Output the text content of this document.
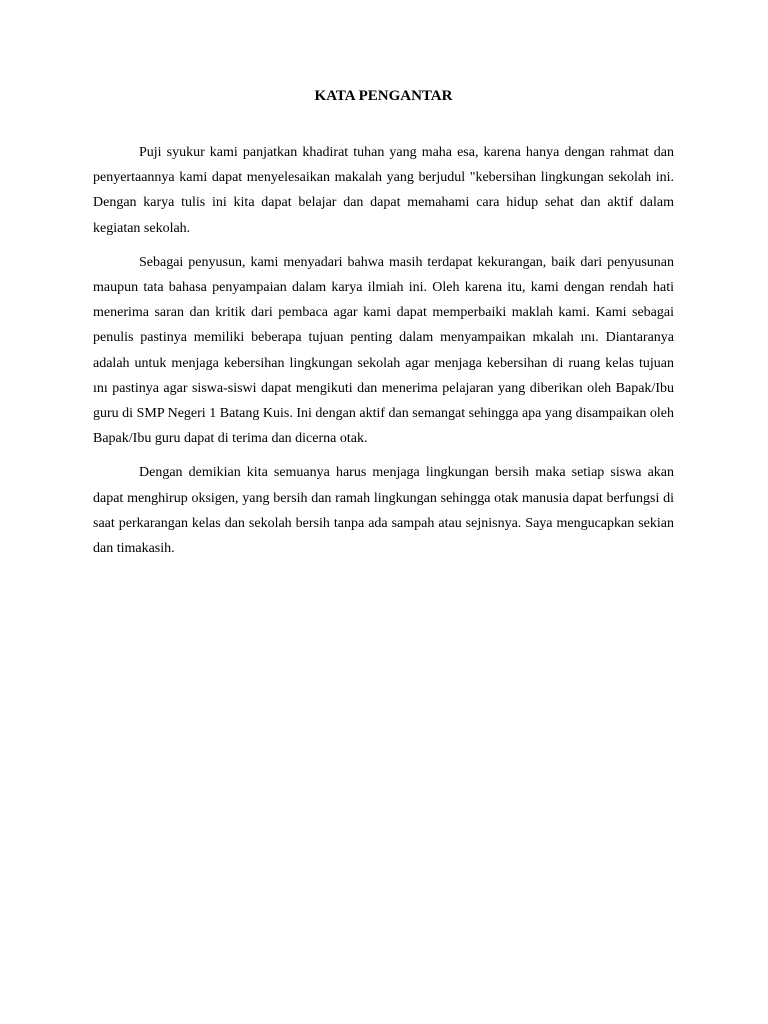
KATA PENGANTAR

Puji syukur kami panjatkan khadirat tuhan yang maha esa, karena hanya dengan rahmat dan penyertaannya kami dapat menyelesaikan makalah yang berjudul "kebersihan lingkungan sekolah ini. Dengan karya tulis ini kita dapat belajar dan dapat memahami cara hidup sehat dan aktif dalam kegiatan sekolah.

Sebagai penyusun, kami menyadari bahwa masih terdapat kekurangan, baik dari penyusunan maupun tata bahasa penyampaian dalam karya ilmiah ini. Oleh karena itu, kami dengan rendah hati menerima saran dan kritik dari pembaca agar kami dapat memperbaiki maklah kami. Kami sebagai penulis pastinya memiliki beberapa tujuan penting dalam menyampaikan mkalah ını. Diantaranya adalah untuk menjaga kebersihan lingkungan sekolah agar menjaga kebersihan di ruang kelas tujuan ını pastinya agar siswa-siswi dapat mengikuti dan menerima pelajaran yang diberikan oleh Bapak/Ibu guru di SMP Negeri 1 Batang Kuis. Ini dengan aktif dan semangat sehingga apa yang disampaikan oleh Bapak/Ibu guru dapat di terima dan dicerna otak.

Dengan demikian kita semuanya harus menjaga lingkungan bersih maka setiap siswa akan dapat menghirup oksigen, yang bersih dan ramah lingkungan sehingga otak manusia dapat berfungsi di saat perkarangan kelas dan sekolah bersih tanpa ada sampah atau sejnisnya. Saya mengucapkan sekian dan timakasih.
